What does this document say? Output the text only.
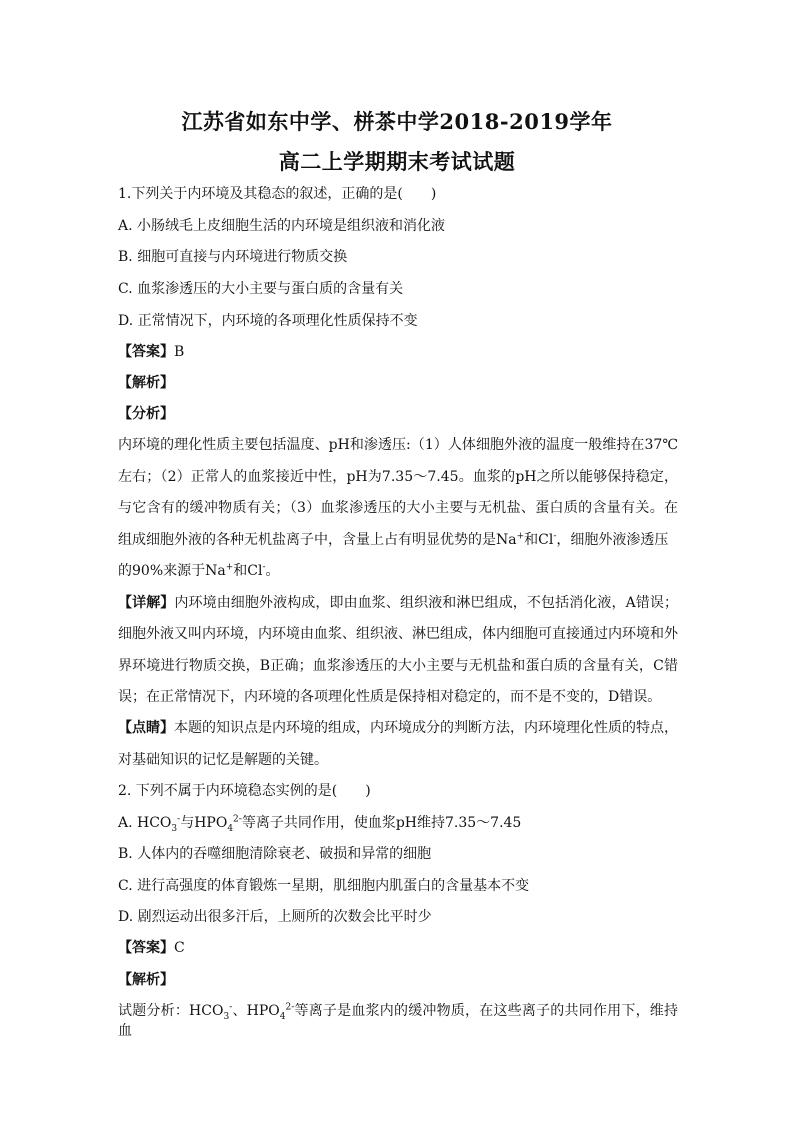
江苏省如东中学、栟茶中学2018-2019学年
高二上学期期末考试试题
1.下列关于内环境及其稳态的叙述，正确的是(　　)
A. 小肠绒毛上皮细胞生活的内环境是组织液和消化液
B. 细胞可直接与内环境进行物质交换
C. 血浆渗透压的大小主要与蛋白质的含量有关
D. 正常情况下，内环境的各项理化性质保持不变
【答案】B
【解析】
【分析】
内环境的理化性质主要包括温度、pH和渗透压:（1）人体细胞外液的温度一般维持在37℃
左右；（2）正常人的血浆接近中性，pH为7.35～7.45。血浆的pH之所以能够保持稳定，
与它含有的缓冲物质有关；（3）血浆渗透压的大小主要与无机盐、蛋白质的含量有关。在
组成细胞外液的各种无机盐离子中，含量上占有明显优势的是Na+和Cl-，细胞外液渗透压
的90%来源于Na+和Cl-。
【详解】内环境由细胞外液构成，即由血浆、组织液和淋巴组成，不包括消化液，A错误；
细胞外液又叫内环境，内环境由血浆、组织液、淋巴组成，体内细胞可直接通过内环境和外
界环境进行物质交换，B正确；血浆渗透压的大小主要与无机盐和蛋白质的含量有关，C错
误；在正常情况下，内环境的各项理化性质是保持相对稳定的，而不是不变的，D错误。
【点睛】本题的知识点是内环境的组成，内环境成分的判断方法，内环境理化性质的特点，
对基础知识的记忆是解题的关键。
2. 下列不属于内环境稳态实例的是(　　)
A. $HCO_3^-$与$HPO_4^{2-}$等离子共同作用，使血浆pH维持7.35～7.45
B. 人体内的吞噬细胞清除衰老、破损和异常的细胞
C. 进行高强度的体育锻炼一星期，肌细胞内肌蛋白的含量基本不变
D. 剧烈运动出很多汗后，上厕所的次数会比平时少
【答案】C
【解析】
试题分析：$HCO_3^-$、$HPO_4^{2-}$等离子是血浆内的缓冲物质，在这些离子的共同作用下，维持血
